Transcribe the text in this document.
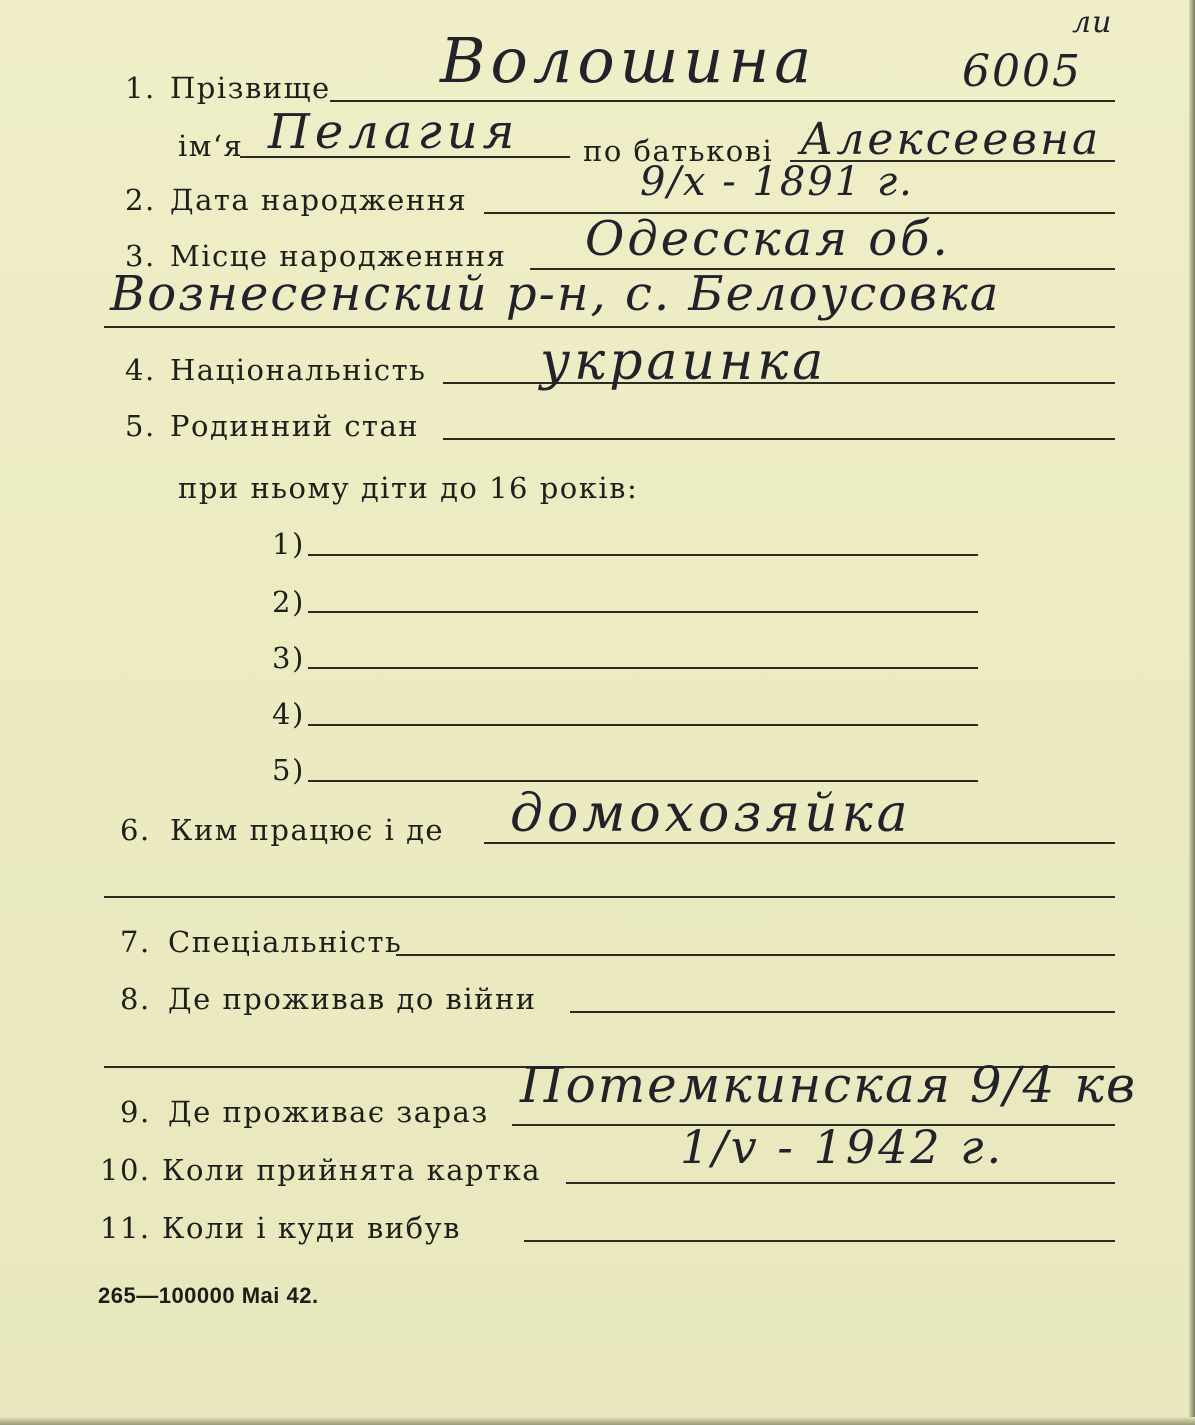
1. Прізвище Волошина	6005
ли
ім‘я Пелагия по батькові Алексеевна
2. Дата народження	9/x - 1891 г.
3. Місце народженння Одесская об.
Вознесенский р-н, с. Белоусовка
4. Національність украинка
5. Родинний стан
при ньому діти до 16 років:
1)
2)
3)
4)
5)
6. Ким працює і де домохозяйка
7. Спеціальність
8. Де проживав до війни
9. Де проживає зараз Потемкинская 9/4 кв
10. Коли прийнята картка	1/v - 1942 г.
11. Коли і куди вибув
265—100000 Mai 42.
